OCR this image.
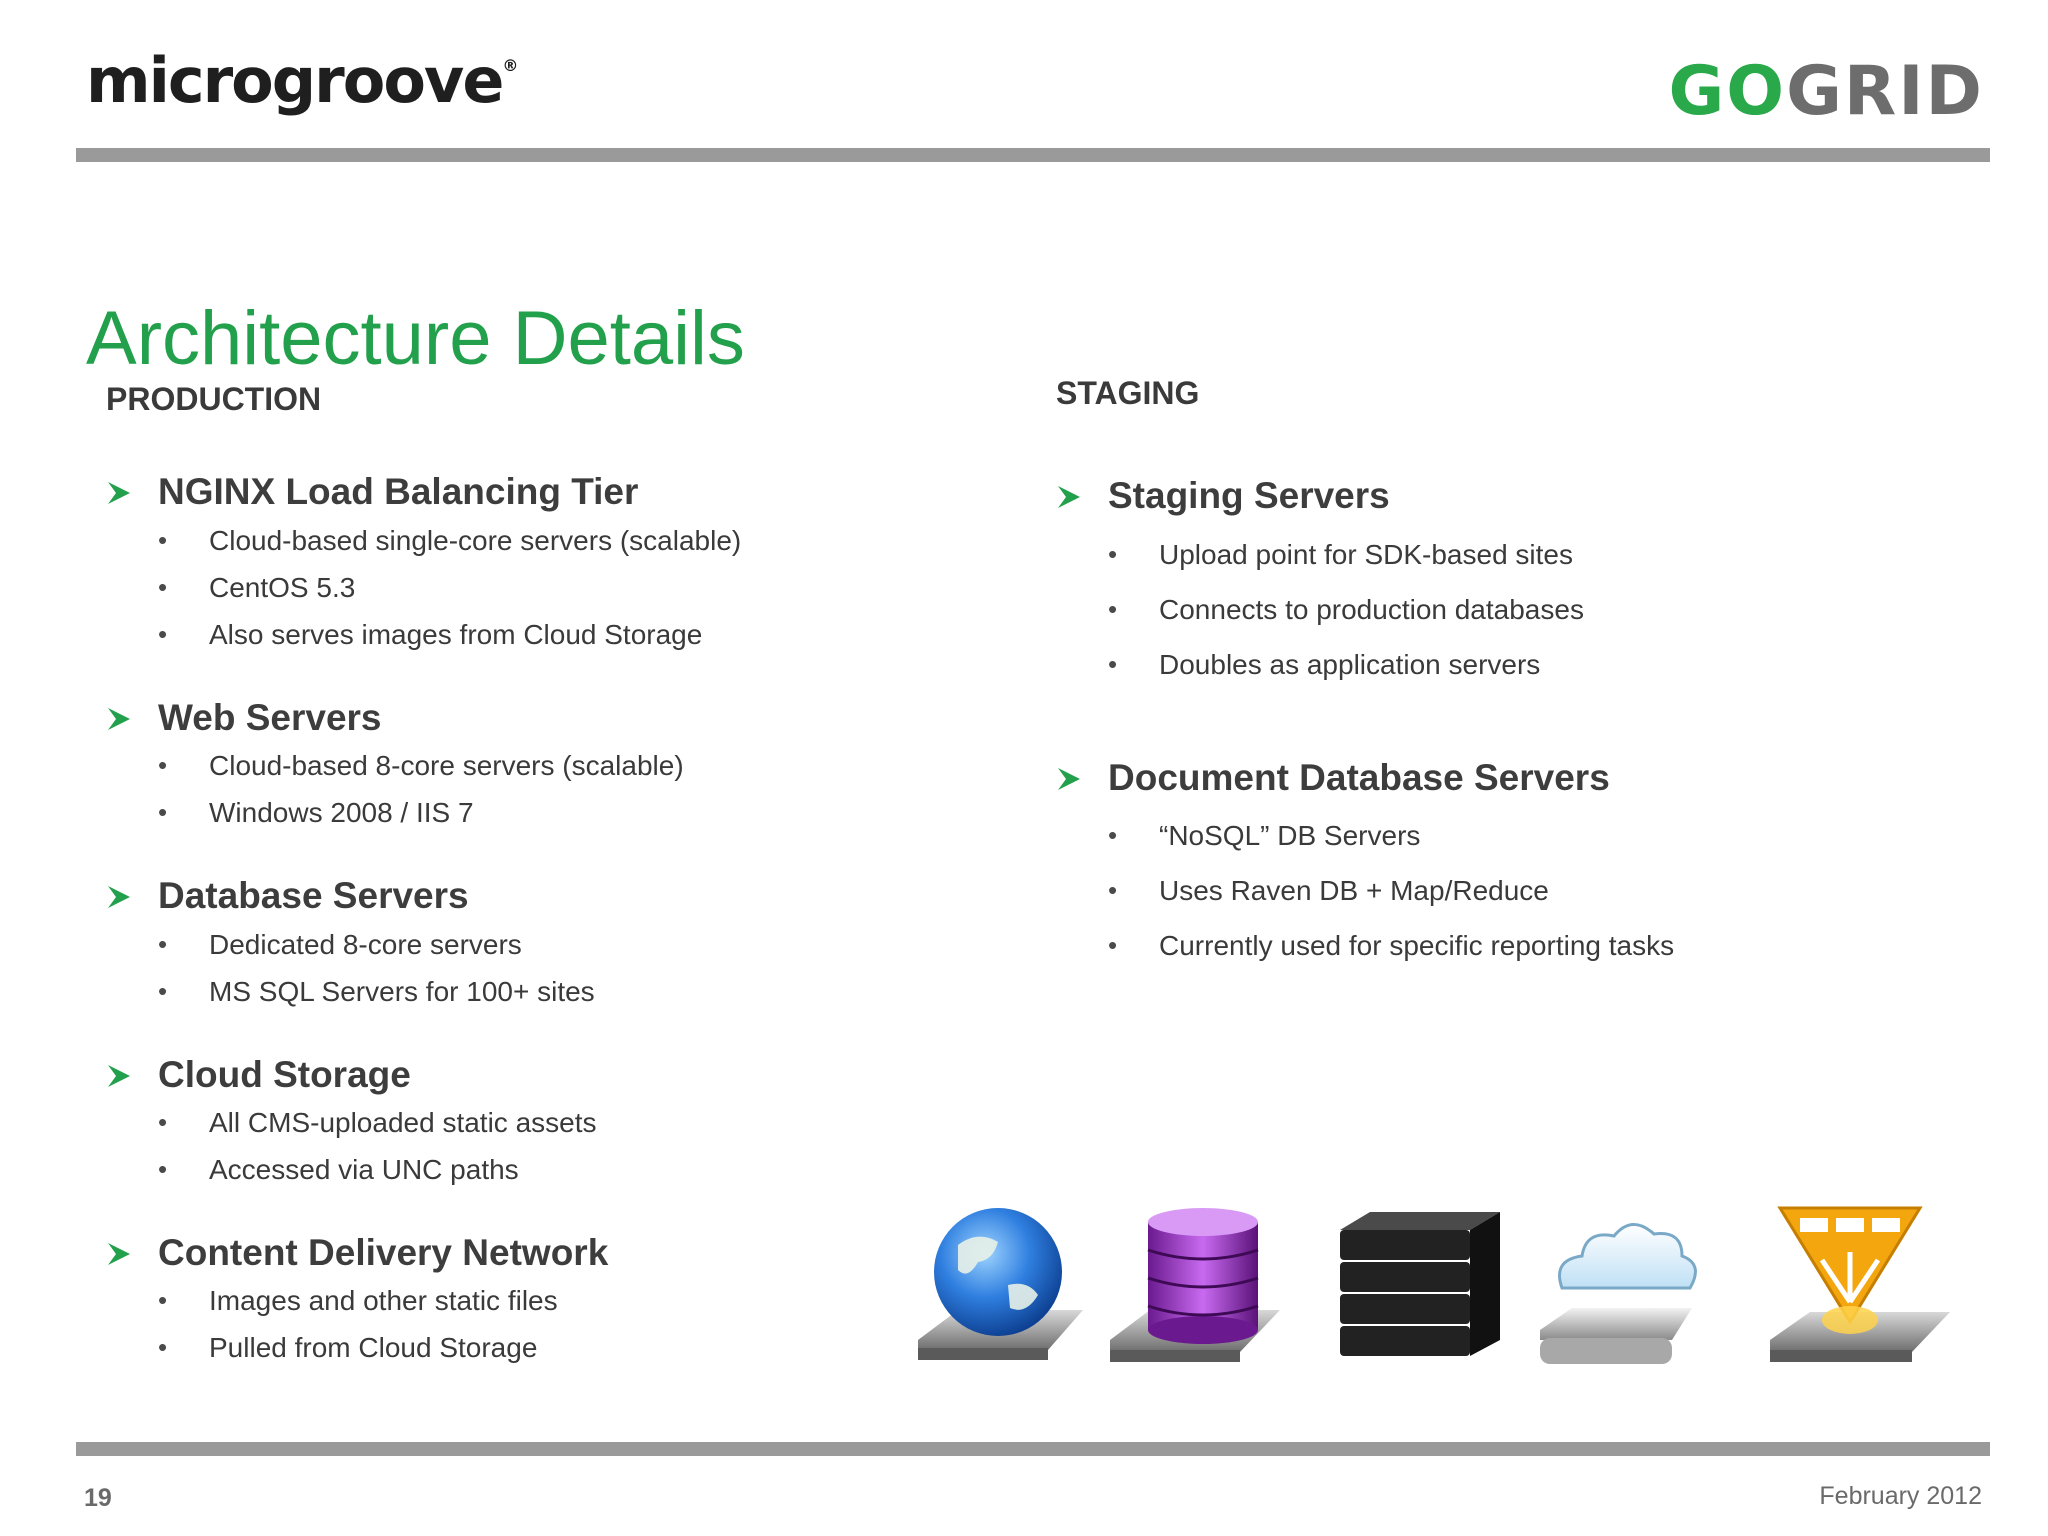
microgroove®	GOGRID
Architecture Details
PRODUCTION
NGINX Load Balancing Tier
• Cloud-based single-core servers (scalable)
• CentOS 5.3
• Also serves images from Cloud Storage
Web Servers
• Cloud-based 8-core servers (scalable)
• Windows 2008 / IIS 7
Database Servers
• Dedicated 8-core servers
• MS SQL Servers for 100+ sites
Cloud Storage
• All CMS-uploaded static assets
• Accessed via UNC paths
Content Delivery Network
• Images and other static files
• Pulled from Cloud Storage
STAGING
Staging Servers
• Upload point for SDK-based sites
• Connects to production databases
• Doubles as application servers
Document Database Servers
• “NoSQL” DB Servers
• Uses Raven DB + Map/Reduce
• Currently used for specific reporting tasks
19	February 2012
